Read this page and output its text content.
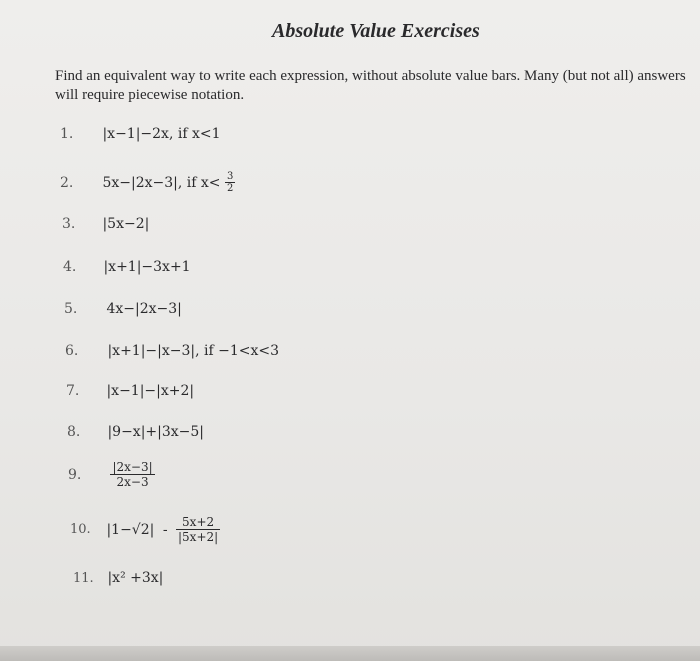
Absolute Value Exercises
Find an equivalent way to write each expression, without absolute value bars. Many (but not all) answers will require piecewise notation.
1. |x−1|−2x, if x<1
2. 5x−|2x−3|, if $x< \frac{3}{2}$
3. |5x−2|
4. |x+1|−3x+1
5. 4x−|2x−3|
6. |x+1|−|x−3|, if −1<x<3
7. |x−1|−|x+2|
8. |9−x|+|3x−5|
9. $\frac{|2x-3|}{2x-3}$
10. $|1-√2| - \frac{5x+2}{|5x+2|}$
11. |x² +3x|
